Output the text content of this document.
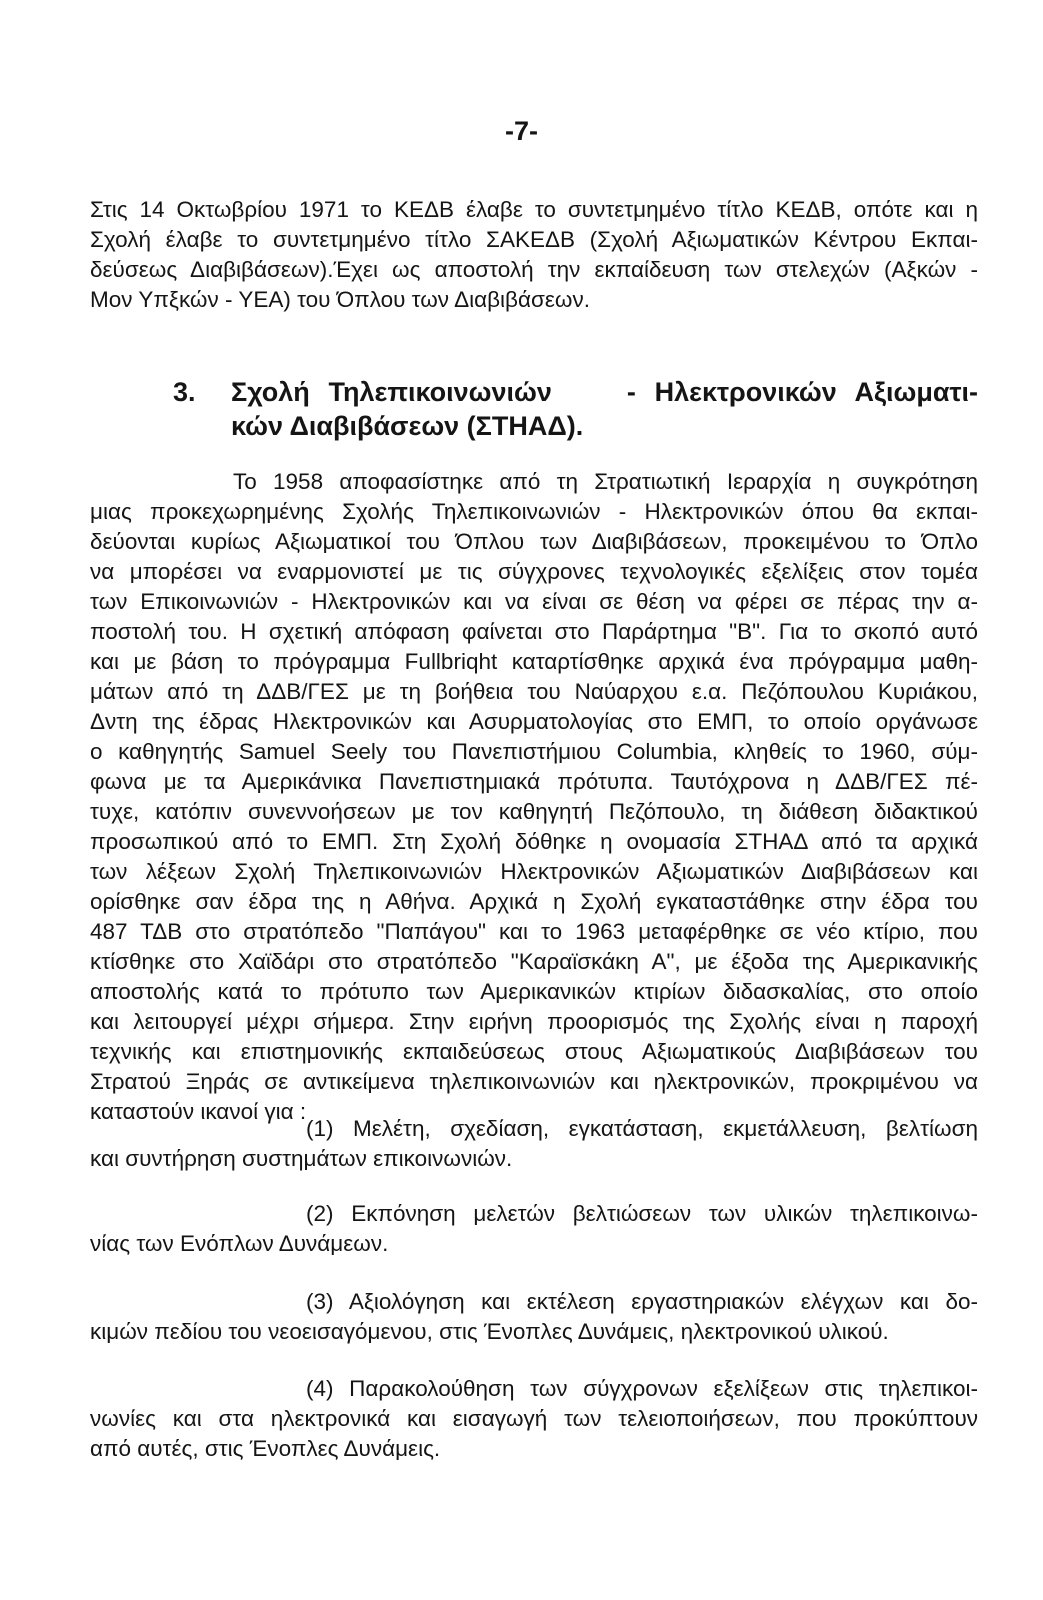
-7-
Στις 14 Οκτωβρίου 1971 το ΚΕΔΒ έλαβε το συντετμημένο τίτλο ΚΕΔΒ, οπότε και η
Σχολή έλαβε το συντετμημένο τίτλο ΣΑΚΕΔΒ (Σχολή Αξιωματικών Κέντρου Εκπαι-
δεύσεως Διαβιβάσεων).Έχει ως αποστολή την εκπαίδευση των στελεχών (Αξκών -
Μον Υπξκών - ΥΕΑ) του Όπλου των Διαβιβάσεων.
3. Σχολή Τηλεπικοινωνιών    - Ηλεκτρονικών Αξιωματι-
κών Διαβιβάσεων (ΣΤΗΑΔ).
Το 1958 αποφασίστηκε από τη Στρατιωτική Ιεραρχία η συγκρότηση
μιας προκεχωρημένης Σχολής Τηλεπικοινωνιών - Ηλεκτρονικών όπου θα εκπαι-
δεύονται κυρίως Αξιωματικοί του Όπλου των Διαβιβάσεων, προκειμένου το Όπλο
να μπορέσει να εναρμονιστεί με τις σύγχρονες τεχνολογικές εξελίξεις στον τομέα
των Επικοινωνιών - Ηλεκτρονικών και να είναι σε θέση να φέρει σε πέρας την α-
ποστολή του. Η σχετική απόφαση φαίνεται στο Παράρτημα "Β". Για το σκοπό αυτό
και με βάση το πρόγραμμα Fullbriqht καταρτίσθηκε αρχικά ένα πρόγραμμα μαθη-
μάτων από τη ΔΔΒ/ΓΕΣ με τη βοήθεια του Ναύαρχου ε.α. Πεζόπουλου Κυριάκου,
Δντη της έδρας Ηλεκτρονικών και Ασυρματολογίας στο ΕΜΠ, το οποίο οργάνωσε
ο καθηγητής Samuel Seely του Πανεπιστήμιου Columbia, κληθείς το 1960, σύμ-
φωνα με τα Αμερικάνικα Πανεπιστημιακά πρότυπα. Ταυτόχρονα η ΔΔΒ/ΓΕΣ πέ-
τυχε, κατόπιν συνεννοήσεων με τον καθηγητή Πεζόπουλο, τη διάθεση διδακτικού
προσωπικού από το ΕΜΠ. Στη Σχολή δόθηκε η ονομασία ΣΤΗΑΔ από τα αρχικά
των λέξεων Σχολή Τηλεπικοινωνιών Ηλεκτρονικών Αξιωματικών Διαβιβάσεων και
ορίσθηκε σαν έδρα της η Αθήνα. Αρχικά η Σχολή εγκαταστάθηκε στην έδρα του
487 ΤΔΒ στο στρατόπεδο "Παπάγου" και το 1963 μεταφέρθηκε σε νέο κτίριο, που
κτίσθηκε στο Χαϊδάρι στο στρατόπεδο "Καραϊσκάκη Α", με έξοδα της Αμερικανικής
αποστολής κατά το πρότυπο των Αμερικανικών κτιρίων διδασκαλίας, στο οποίο
και λειτουργεί μέχρι σήμερα. Στην ειρήνη προορισμός της Σχολής είναι η παροχή
τεχνικής και επιστημονικής εκπαιδεύσεως στους Αξιωματικούς Διαβιβάσεων του
Στρατού Ξηράς σε αντικείμενα τηλεπικοινωνιών και ηλεκτρονικών, προκριμένου να
καταστούν ικανοί για :
(1) Μελέτη, σχεδίαση, εγκατάσταση, εκμετάλλευση, βελτίωση
και συντήρηση συστημάτων επικοινωνιών.
(2) Εκπόνηση μελετών βελτιώσεων των υλικών τηλεπικοινω-
νίας των Ενόπλων Δυνάμεων.
(3) Αξιολόγηση και εκτέλεση εργαστηριακών ελέγχων και δο-
κιμών πεδίου του νεοεισαγόμενου, στις Ένοπλες Δυνάμεις, ηλεκτρονικού υλικού.
(4) Παρακολούθηση των σύγχρονων εξελίξεων στις τηλεπικοι-
νωνίες και στα ηλεκτρονικά και εισαγωγή των τελειοποιήσεων, που προκύπτουν
από αυτές, στις Ένοπλες Δυνάμεις.
